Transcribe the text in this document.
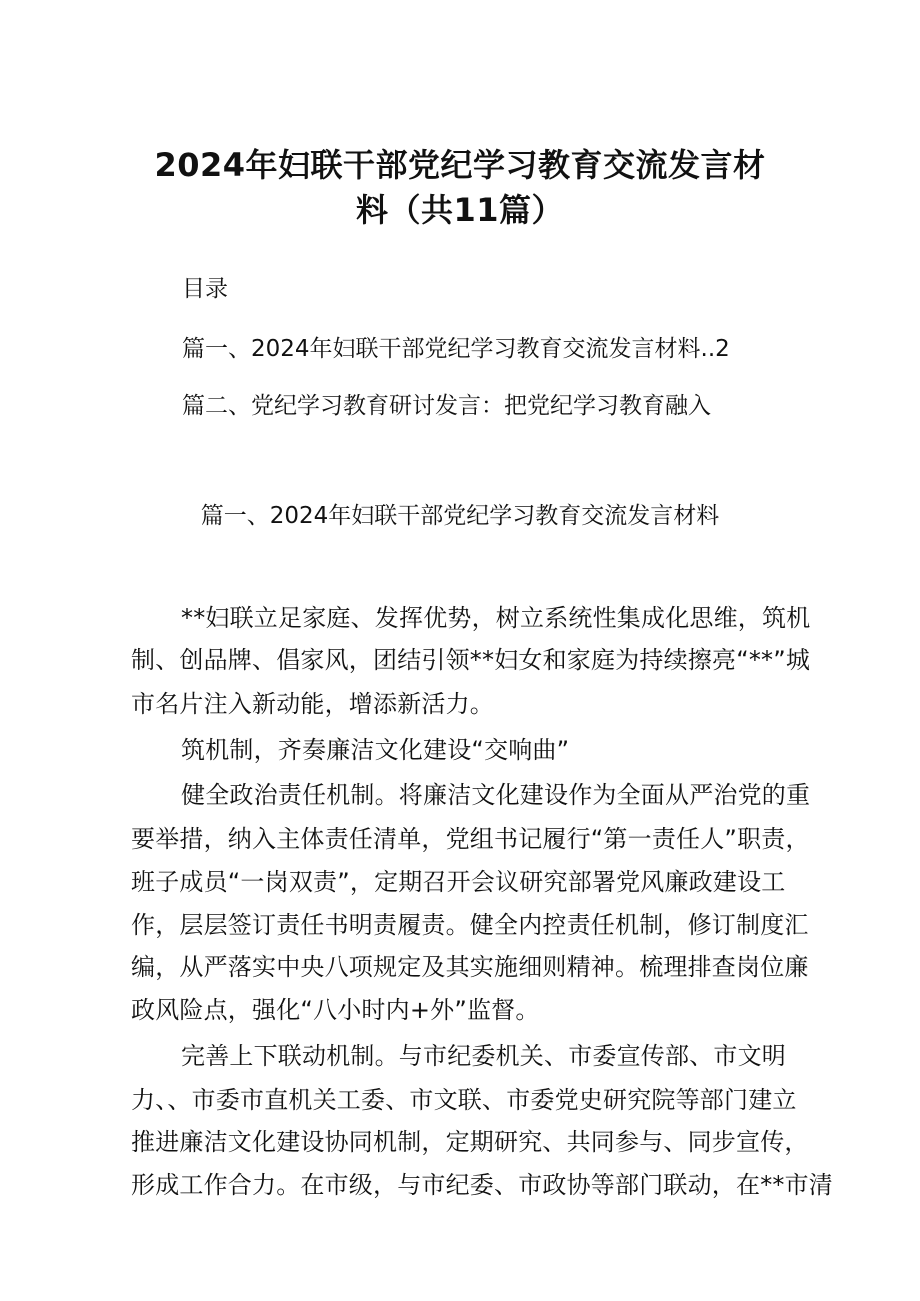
2024年妇联干部党纪学习教育交流发言材
料（共11篇）
目录
篇一、2024年妇联干部党纪学习教育交流发言材料..2
篇二、党纪学习教育研讨发言：把党纪学习教育融入
篇一、2024年妇联干部党纪学习教育交流发言材料
**妇联立足家庭、发挥优势，树立系统性集成化思维，筑机
制、创品牌、倡家风，团结引领**妇女和家庭为持续擦亮“**”城
市名片注入新动能，增添新活力。
筑机制，齐奏廉洁文化建设“交响曲”
健全政治责任机制。将廉洁文化建设作为全面从严治党的重
要举措，纳入主体责任清单，党组书记履行“第一责任人”职责，
班子成员“一岗双责”，定期召开会议研究部署党风廉政建设工
作，层层签订责任书明责履责。健全内控责任机制，修订制度汇
编，从严落实中央八项规定及其实施细则精神。梳理排查岗位廉
政风险点，强化“八小时内+外”监督。
完善上下联动机制。与市纪委机关、市委宣传部、市文明
力、、市委市直机关工委、市文联、市委党史研究院等部门建立
推进廉洁文化建设协同机制，定期研究、共同参与、同步宣传，
形成工作合力。在市级，与市纪委、市政协等部门联动，在**市清
